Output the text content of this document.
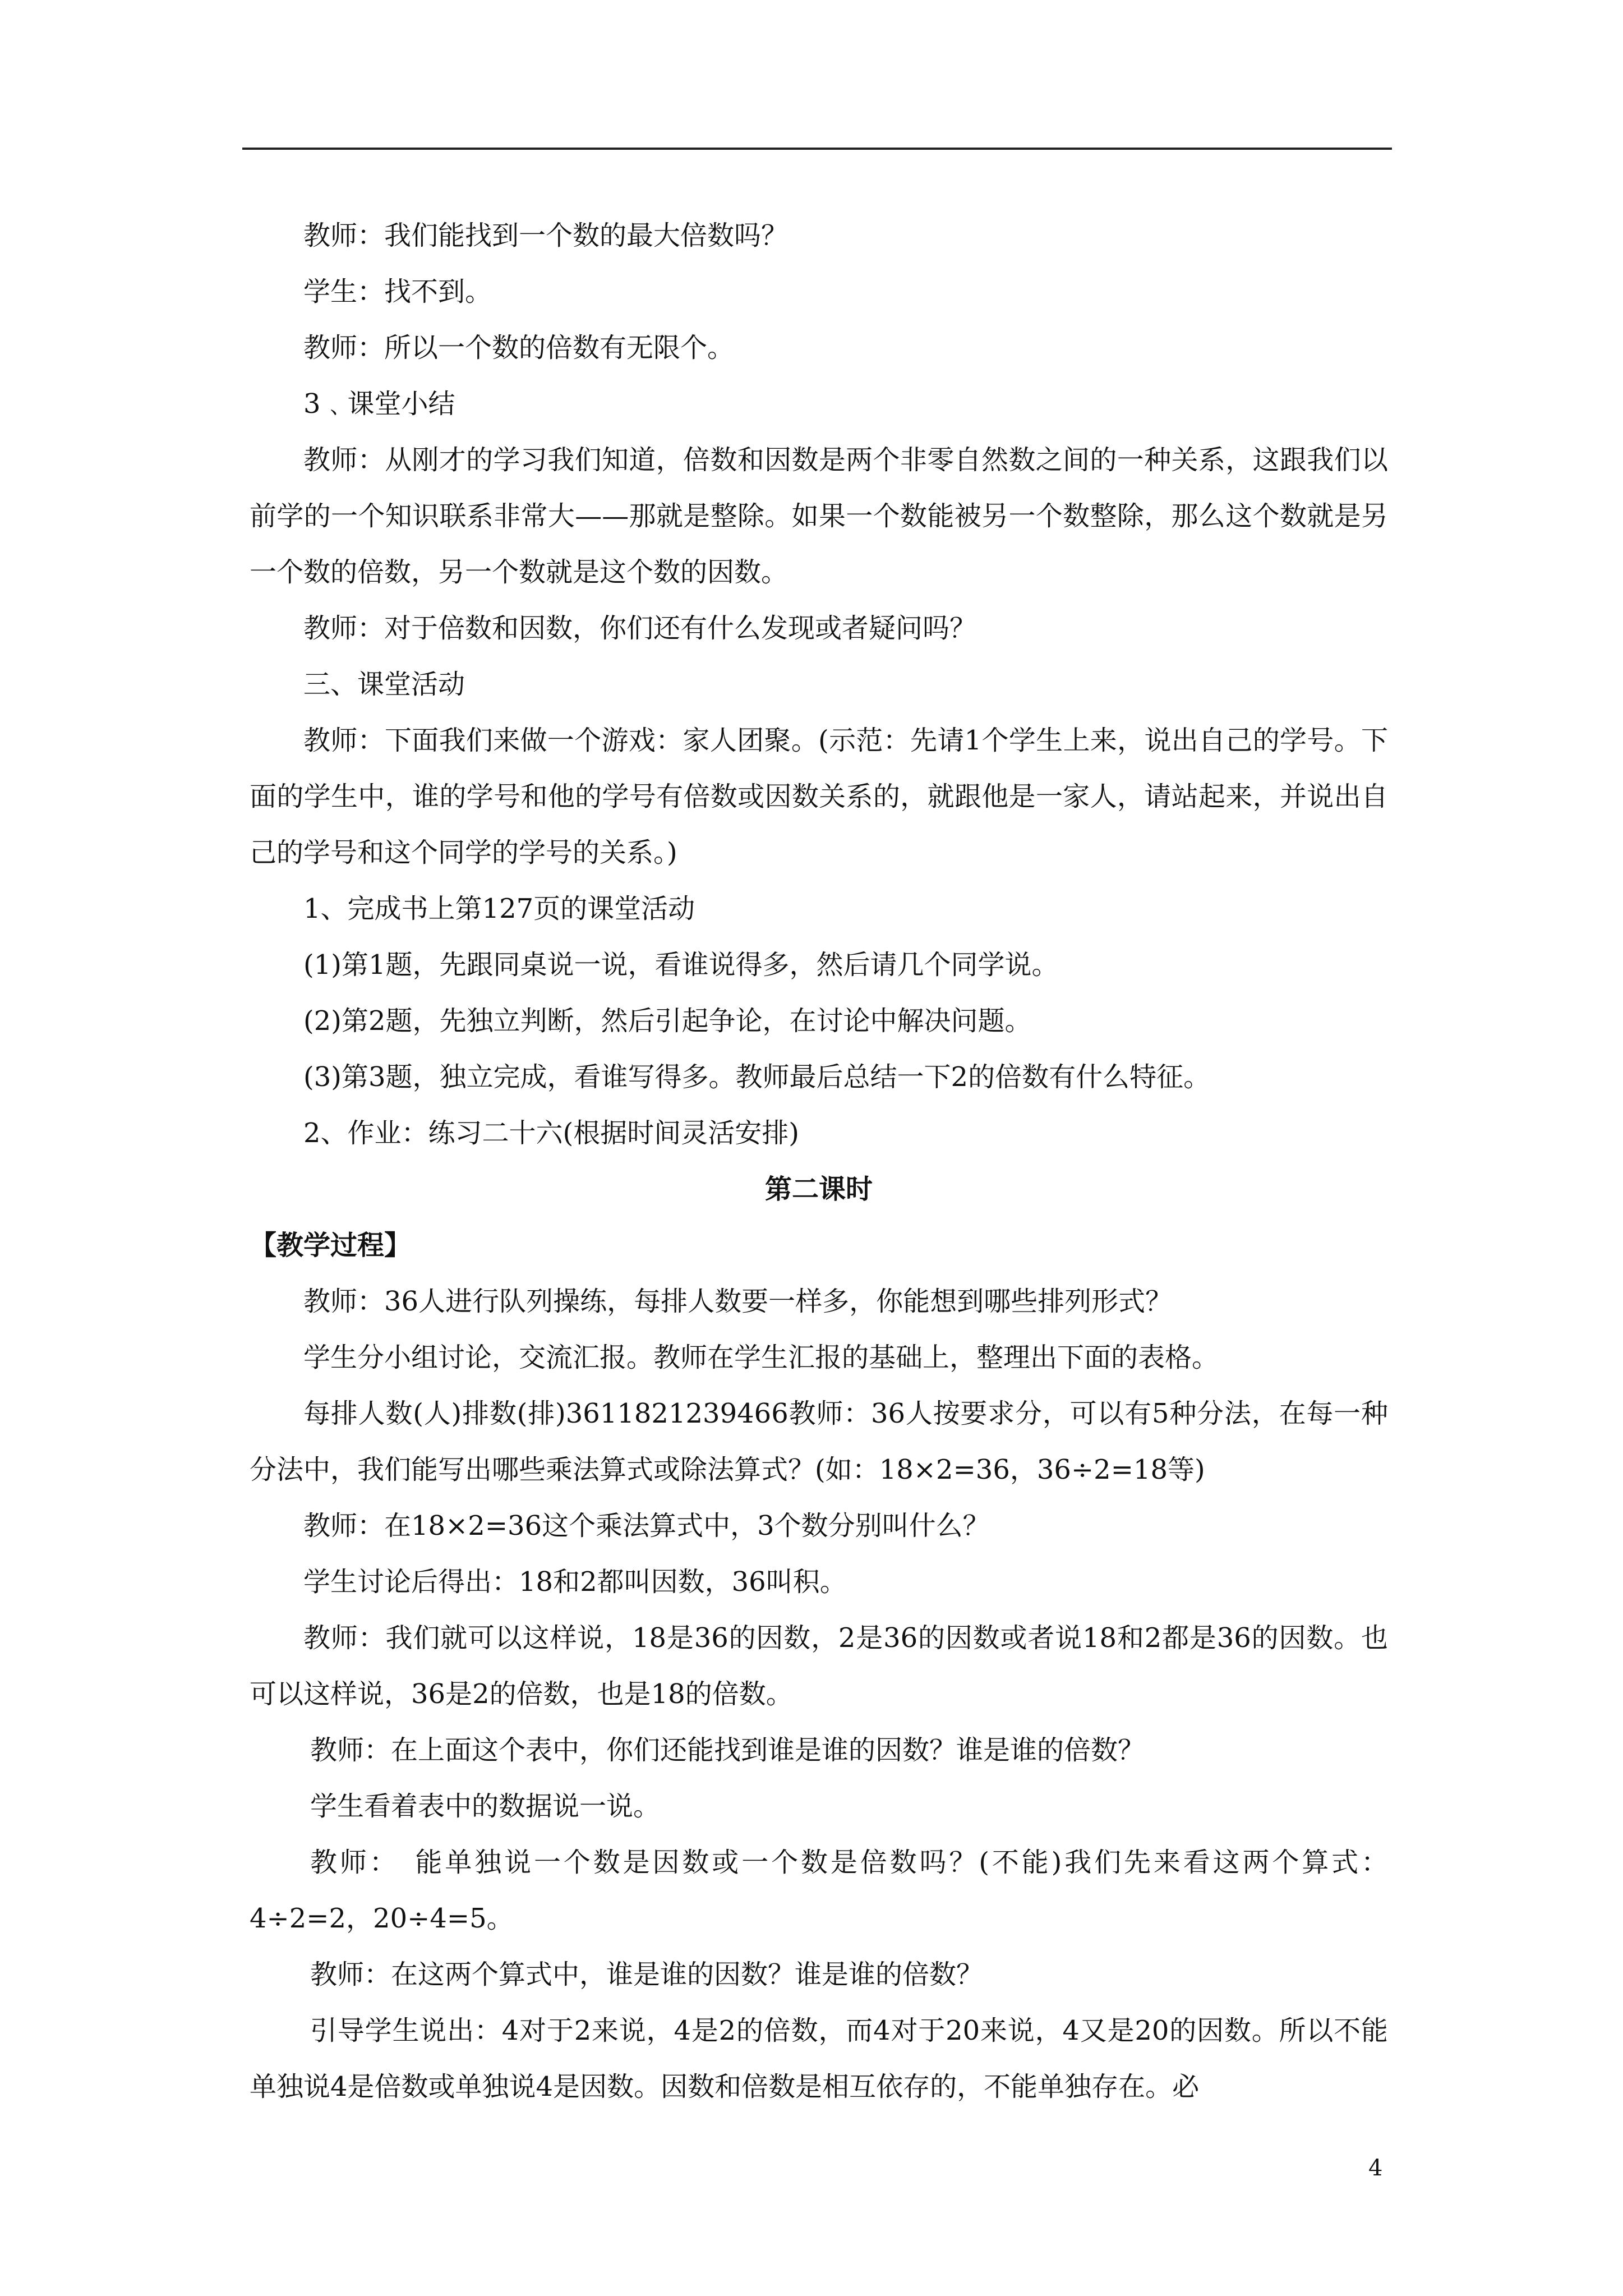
教师：我们能找到一个数的最大倍数吗？

学生：找不到。

教师：所以一个数的倍数有无限个。

3﹑课堂小结

教师：从刚才的学习我们知道，倍数和因数是两个非零自然数之间的一种关系，这跟我们以前学的一个知识联系非常大——那就是整除。如果一个数能被另一个数整除，那么这个数就是另一个数的倍数，另一个数就是这个数的因数。

教师：对于倍数和因数，你们还有什么发现或者疑问吗？

三、课堂活动

教师：下面我们来做一个游戏：家人团聚。(示范：先请1个学生上来，说出自己的学号。下面的学生中，谁的学号和他的学号有倍数或因数关系的，就跟他是一家人，请站起来，并说出自己的学号和这个同学的学号的关系。)

1、完成书上第127页的课堂活动

(1)第1题，先跟同桌说一说，看谁说得多，然后请几个同学说。

(2)第2题，先独立判断，然后引起争论，在讨论中解决问题。

(3)第3题，独立完成，看谁写得多。教师最后总结一下2的倍数有什么特征。

2、作业：练习二十六(根据时间灵活安排)

第二课时

【教学过程】

教师：36人进行队列操练，每排人数要一样多，你能想到哪些排列形式？

学生分小组讨论，交流汇报。教师在学生汇报的基础上，整理出下面的表格。

每排人数(人)排数(排)3611821239466教师：36人按要求分，可以有5种分法，在每一种分法中，我们能写出哪些乘法算式或除法算式？(如：18×2=36，36÷2=18等)

教师：在18×2=36这个乘法算式中，3个数分别叫什么？

学生讨论后得出：18和2都叫因数，36叫积。

教师：我们就可以这样说，18是36的因数，2是36的因数或者说18和2都是36的因数。也可以这样说，36是2的倍数，也是18的倍数。

教师：在上面这个表中，你们还能找到谁是谁的因数？谁是谁的倍数？

学生看着表中的数据说一说。

教师：　能单独说一个数是因数或一个数是倍数吗？(不能)我们先来看这两个算式：4÷2=2，20÷4=5。

教师：在这两个算式中，谁是谁的因数？谁是谁的倍数？

引导学生说出：4对于2来说，4是2的倍数，而4对于20来说，4又是20的因数。所以不能单独说4是倍数或单独说4是因数。因数和倍数是相互依存的，不能单独存在。必

4
